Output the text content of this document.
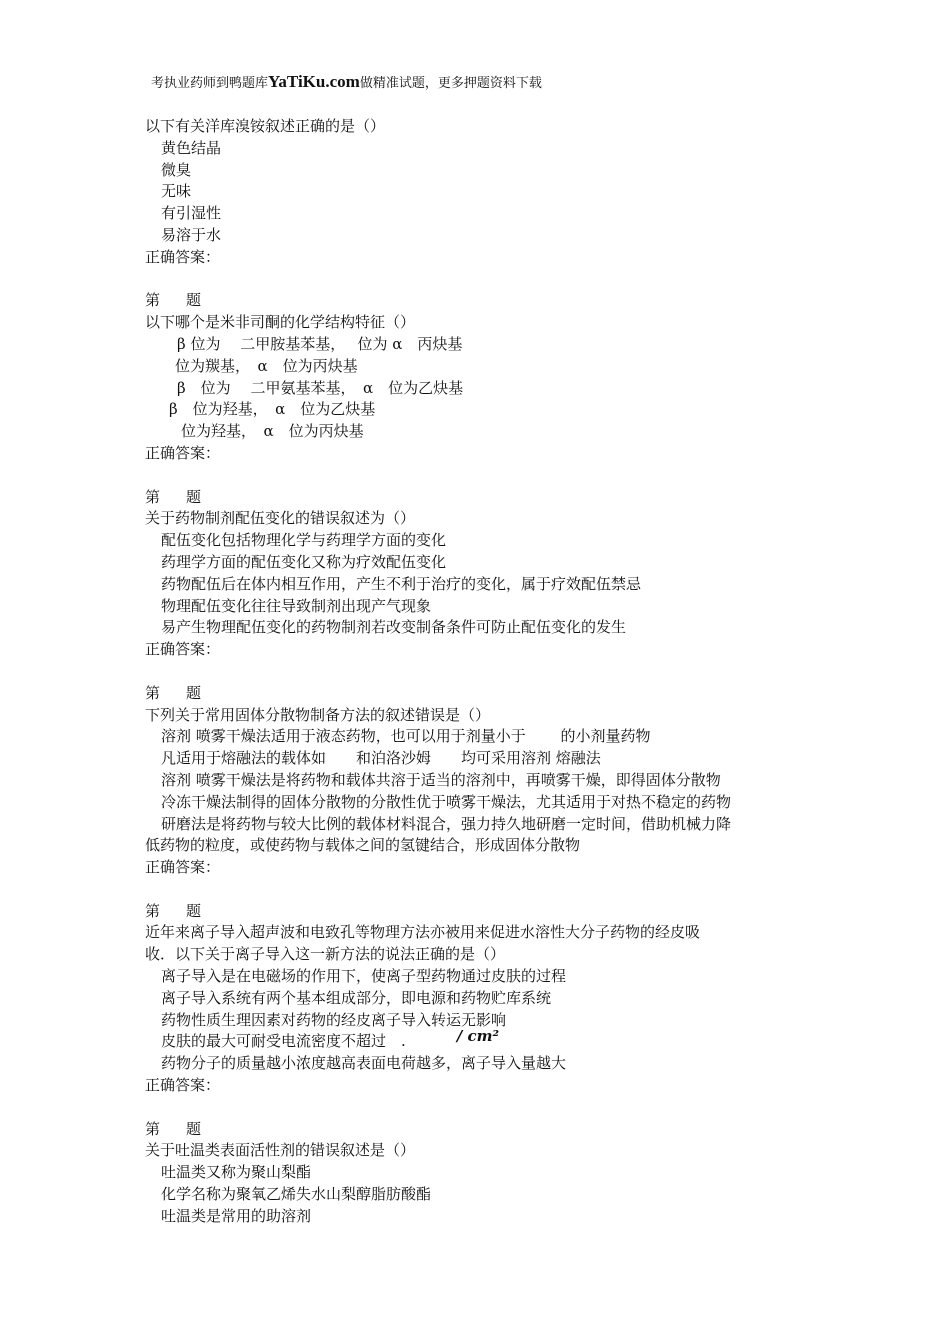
考执业药师到鸭题库YaTiKu.com做精准试题，更多押题资料下载
以下有关洋库溴铵叙述正确的是（）
黄色结晶
微臭
无味
有引湿性
易溶于水
正确答案：
第 题
以下哪个是米非司酮的化学结构特征（）
β 位为　 二甲胺基苯基，　 位为 α　丙炔基
位为羰基，　α　位为丙炔基
β　位为　 二甲氨基苯基，　α　位为乙炔基
β　位为羟基，　α　位为乙炔基
位为羟基，　α　位为丙炔基
正确答案：
第 题
关于药物制剂配伍变化的错误叙述为（）
配伍变化包括物理化学与药理学方面的变化
药理学方面的配伍变化又称为疗效配伍变化
药物配伍后在体内相互作用，产生不利于治疗的变化，属于疗效配伍禁忌
物理配伍变化往往导致制剂出现产气现象
易产生物理配伍变化的药物制剂若改变制备条件可防止配伍变化的发生
正确答案：
第 题
下列关于常用固体分散物制备方法的叙述错误是（）
溶剂 喷雾干燥法适用于液态药物，也可以用于剂量小于　　 的小剂量药物
凡适用于熔融法的载体如　　和泊洛沙姆　　均可采用溶剂 熔融法
溶剂 喷雾干燥法是将药物和载体共溶于适当的溶剂中，再喷雾干燥，即得固体分散物
冷冻干燥法制得的固体分散物的分散性优于喷雾干燥法，尤其适用于对热不稳定的药物
研磨法是将药物与较大比例的载体材料混合，强力持久地研磨一定时间，借助机械力降
低药物的粒度，或使药物与载体之间的氢键结合，形成固体分散物
正确答案：
第 题
近年来离子导入超声波和电致孔等物理方法亦被用来促进水溶性大分子药物的经皮吸
收．以下关于离子导入这一新方法的说法正确的是（）
离子导入是在电磁场的作用下，使离子型药物通过皮肤的过程
离子导入系统有两个基本组成部分，即电源和药物贮库系统
药物性质生理因素对药物的经皮离子导入转运无影响
皮肤的最大可耐受电流密度不超过　.　　　/ cm²
药物分子的质量越小浓度越高表面电荷越多，离子导入量越大
正确答案：
第 题
关于吐温类表面活性剂的错误叙述是（）
吐温类又称为聚山梨酯
化学名称为聚氧乙烯失水山梨醇脂肪酸酯
吐温类是常用的助溶剂
